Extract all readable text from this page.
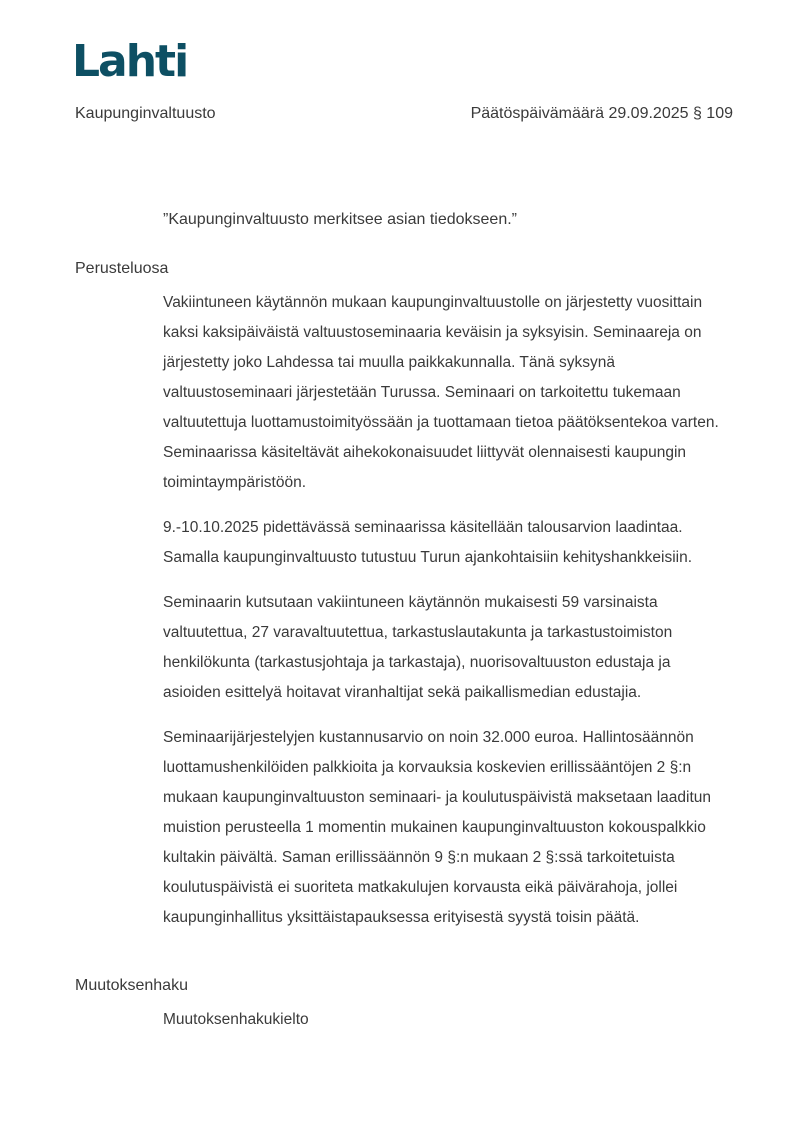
Lahti
Kaupunginvaltuusto	Päätöspäivämäärä 29.09.2025 § 109
”Kaupunginvaltuusto merkitsee asian tiedokseen.”
Perusteluosa

Vakiintuneen käytännön mukaan kaupunginvaltuustolle on järjestetty vuosittain kaksi kaksipäiväistä valtuustoseminaaria keväisin ja syksyisin. Seminaareja on järjestetty joko Lahdessa tai muulla paikkakunnalla. Tänä syksynä valtuustoseminaari järjestetään Turussa. Seminaari on tarkoitettu tukemaan valtuutettuja luottamustoimityössään ja tuottamaan tietoa päätöksentekoa varten. Seminaarissa käsiteltävät aihekokonaisuudet liittyvät olennaisesti kaupungin toimintaympäristöön.

9.-10.10.2025 pidettävässä seminaarissa käsitellään talousarvion laadintaa. Samalla kaupunginvaltuusto tutustuu Turun ajankohtaisiin kehityshankkeisiin.

Seminaarin kutsutaan vakiintuneen käytännön mukaisesti 59 varsinaista valtuutettua, 27 varavaltuutettua, tarkastuslautakunta ja tarkastustoimiston henkilökunta (tarkastusjohtaja ja tarkastaja), nuorisovaltuuston edustaja ja asioiden esittelyä hoitavat viranhaltijat sekä paikallismedian edustajia.

Seminaarijärjestelyjen kustannusarvio on noin 32.000 euroa. Hallintosäännön luottamushenkilöiden palkkioita ja korvauksia koskevien erillissääntöjen 2 §:n mukaan kaupunginvaltuuston seminaari- ja koulutuspäivistä maksetaan laaditun muistion perusteella 1 momentin mukainen kaupunginvaltuuston kokouspalkkio kultakin päivältä. Saman erillissäännön 9 §:n mukaan 2 §:ssä tarkoitetuista koulutuspäivistä ei suoriteta matkakulujen korvausta eikä päivärahoja, jollei kaupunginhallitus yksittäistapauksessa erityisestä syystä toisin päätä.

Muutoksenhaku

Muutoksenhakukielto
